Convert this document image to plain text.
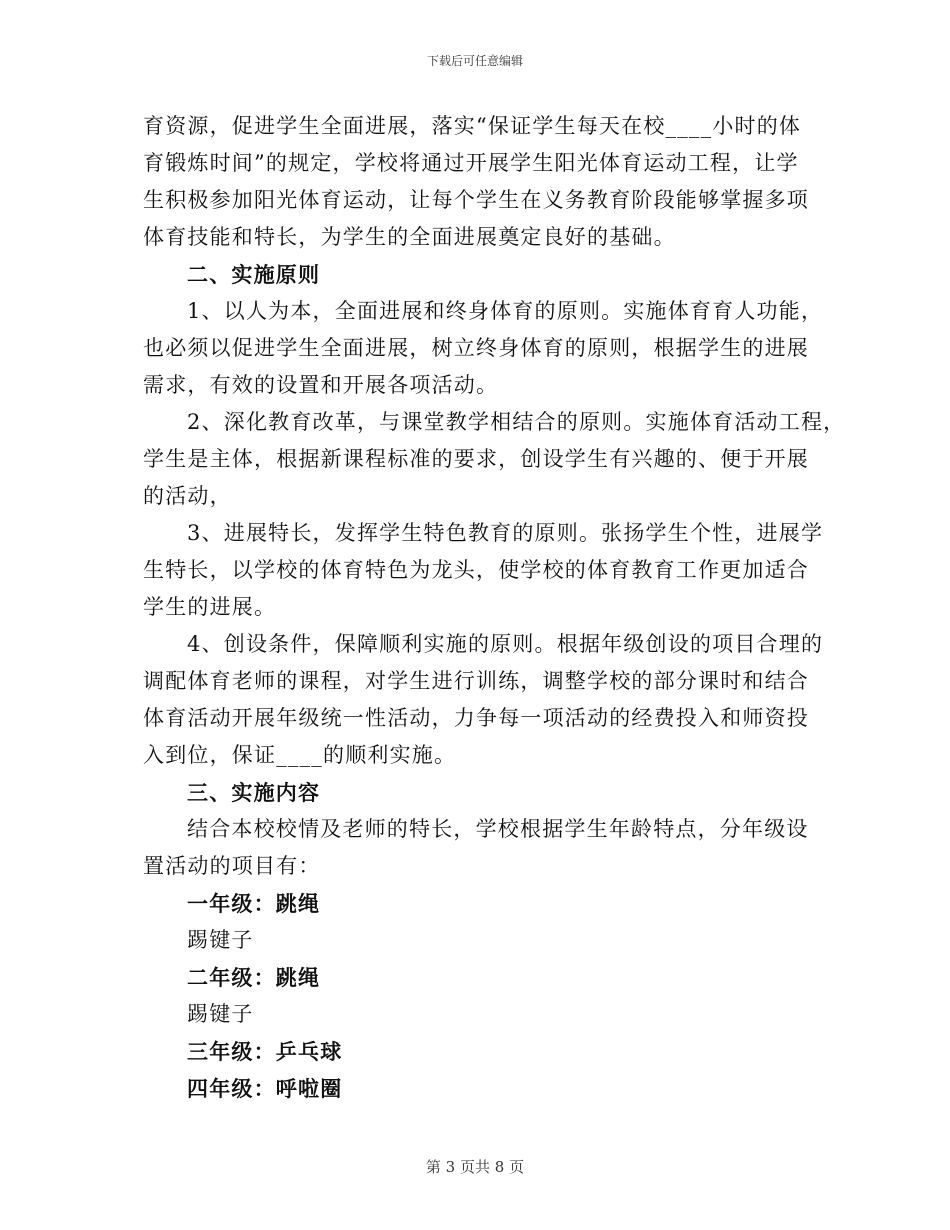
下载后可任意编辑
育资源，促进学生全面进展，落实“保证学生每天在校____小时的体
育锻炼时间”的规定，学校将通过开展学生阳光体育运动工程，让学
生积极参加阳光体育运动，让每个学生在义务教育阶段能够掌握多项
体育技能和特长，为学生的全面进展奠定良好的基础。
二、实施原则
1、以人为本，全面进展和终身体育的原则。实施体育育人功能，
也必须以促进学生全面进展，树立终身体育的原则，根据学生的进展
需求，有效的设置和开展各项活动。
2、深化教育改革，与课堂教学相结合的原则。实施体育活动工程，
学生是主体，根据新课程标准的要求，创设学生有兴趣的、便于开展
的活动，
3、进展特长，发挥学生特色教育的原则。张扬学生个性，进展学
生特长，以学校的体育特色为龙头，使学校的体育教育工作更加适合
学生的进展。
4、创设条件，保障顺利实施的原则。根据年级创设的项目合理的
调配体育老师的课程，对学生进行训练，调整学校的部分课时和结合
体育活动开展年级统一性活动，力争每一项活动的经费投入和师资投
入到位，保证____的顺利实施。
三、实施内容
结合本校校情及老师的特长，学校根据学生年龄特点，分年级设
置活动的项目有：
一年级：跳绳
踢键子
二年级：跳绳
踢键子
三年级：乒乓球
四年级：呼啦圈
第 3 页共 8 页
